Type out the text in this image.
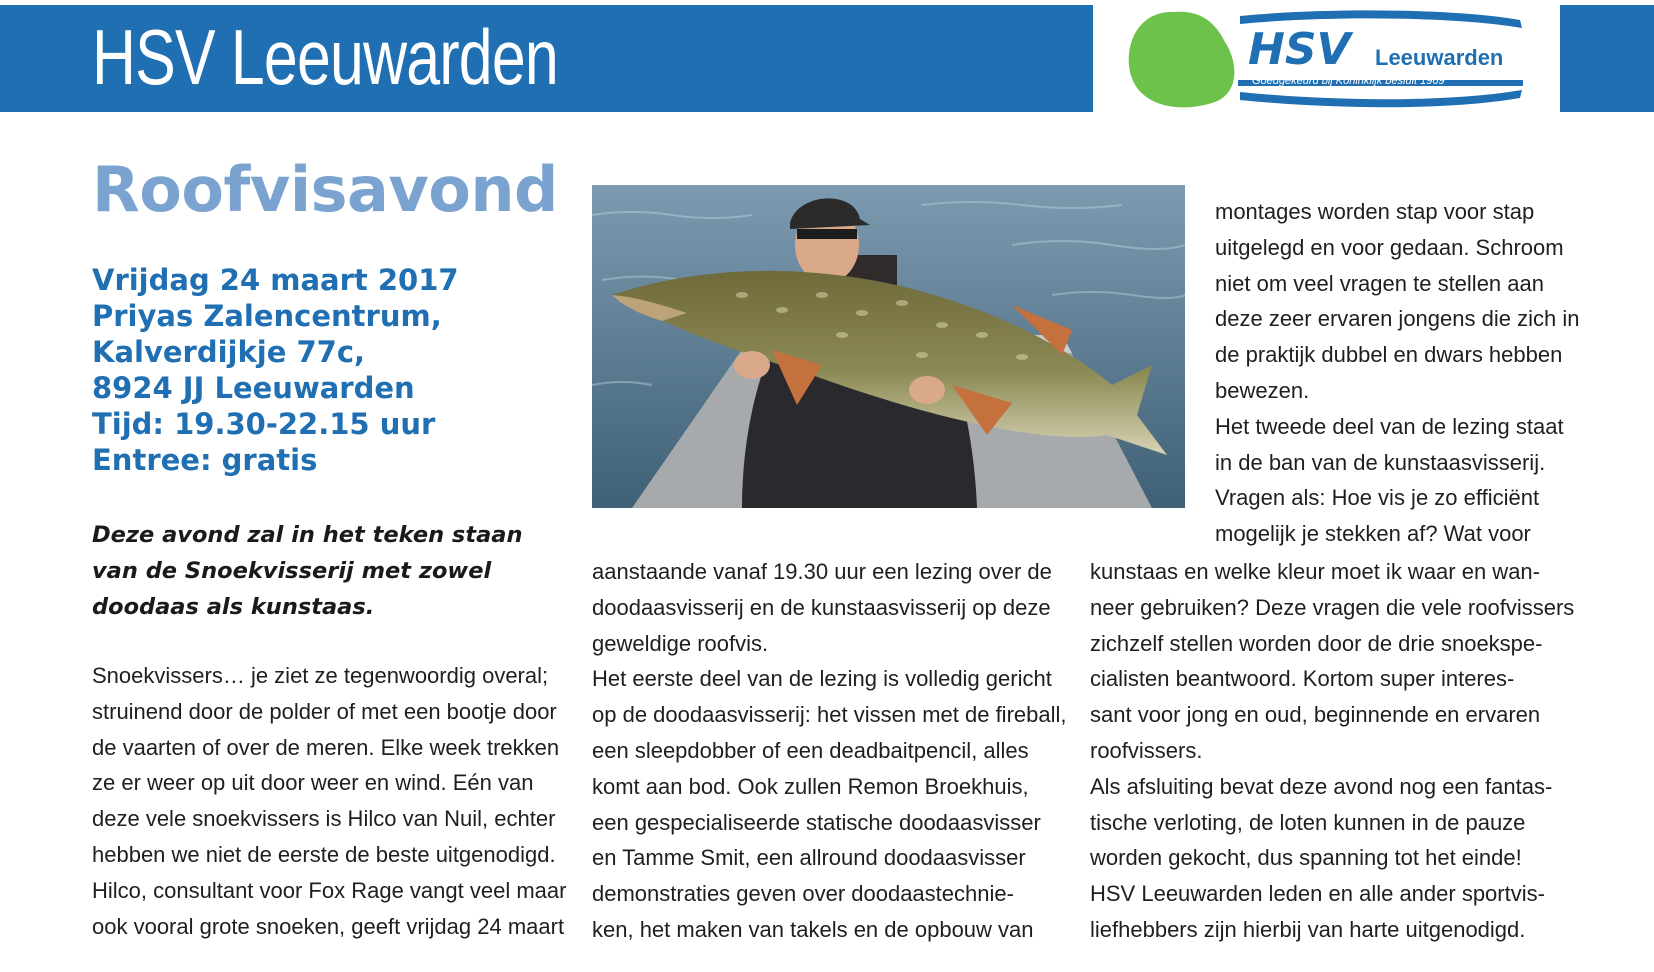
HSV Leeuwarden	HSV Leeuwarden
Goedgekeurd bij Koninklijk besluit 1969
Roofvisavond
Vrijdag 24 maart 2017
Priyas Zalencentrum,
Kalverdijkje 77c,
8924 JJ Leeuwarden
Tijd: 19.30-22.15 uur
Entree: gratis
Deze avond zal in het teken staan
van de Snoekvisserij met zowel
doodaas als kunstaas.
Snoekvissers… je ziet ze tegenwoordig overal;
struinend door de polder of met een bootje door
de vaarten of over de meren. Elke week trekken
ze er weer op uit door weer en wind. Eén van
deze vele snoekvissers is Hilco van Nuil, echter
hebben we niet de eerste de beste uitgenodigd.
Hilco, consultant voor Fox Rage vangt veel maar
ook vooral grote snoeken, geeft vrijdag 24 maart
aanstaande vanaf 19.30 uur een lezing over de
doodaasvisserij en de kunstaasvisserij op deze
geweldige roofvis.
Het eerste deel van de lezing is volledig gericht
op de doodaasvisserij: het vissen met de fireball,
een sleepdobber of een deadbaitpencil, alles
komt aan bod. Ook zullen Remon Broekhuis,
een gespecialiseerde statische doodaasvisser
en Tamme Smit, een allround doodaasvisser
demonstraties geven over doodaastechnie-
ken, het maken van takels en de opbouw van
montages worden stap voor stap
uitgelegd en voor gedaan. Schroom
niet om veel vragen te stellen aan
deze zeer ervaren jongens die zich in
de praktijk dubbel en dwars hebben
bewezen.
Het tweede deel van de lezing staat
in de ban van de kunstaasvisserij.
Vragen als: Hoe vis je zo efficiënt
mogelijk je stekken af? Wat voor
kunstaas en welke kleur moet ik waar en wan-
neer gebruiken? Deze vragen die vele roofvissers
zichzelf stellen worden door de drie snoekspe-
cialisten beantwoord. Kortom super interes-
sant voor jong en oud, beginnende en ervaren
roofvissers.
Als afsluiting bevat deze avond nog een fantas-
tische verloting, de loten kunnen in de pauze
worden gekocht, dus spanning tot het einde!
HSV Leeuwarden leden en alle ander sportvis-
liefhebbers zijn hierbij van harte uitgenodigd.
